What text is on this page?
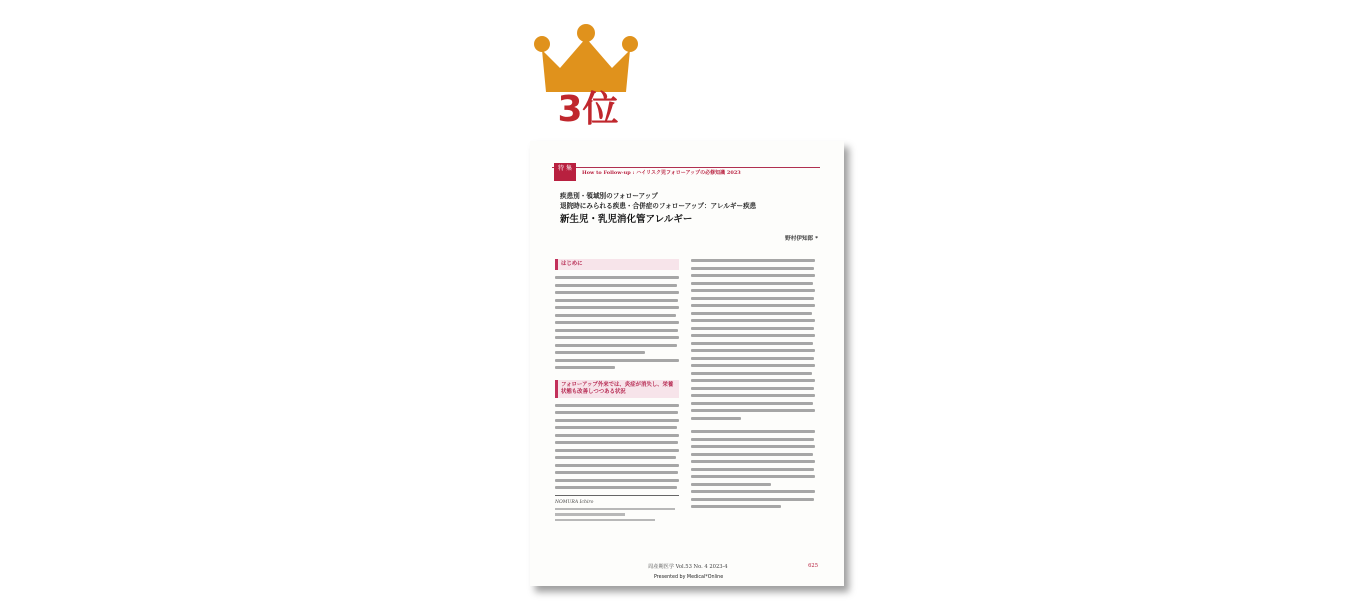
3位
特 集
How to Follow-up : ハイリスク児フォローアップの必修知識 2023
疾患別・領域別のフォローアップ
退院時にみられる疾患・合併症のフォローアップ：アレルギー疾患
新生児・乳児消化管アレルギー
野村伊知郎 *
はじめに
フォローアップ外来では、炎症が消失し、栄養状態も改善しつつある状況
NOMURA Ichiro
周産期医学 Vol.53 No. 4 2023-4	625
Presented by Medical*Online
